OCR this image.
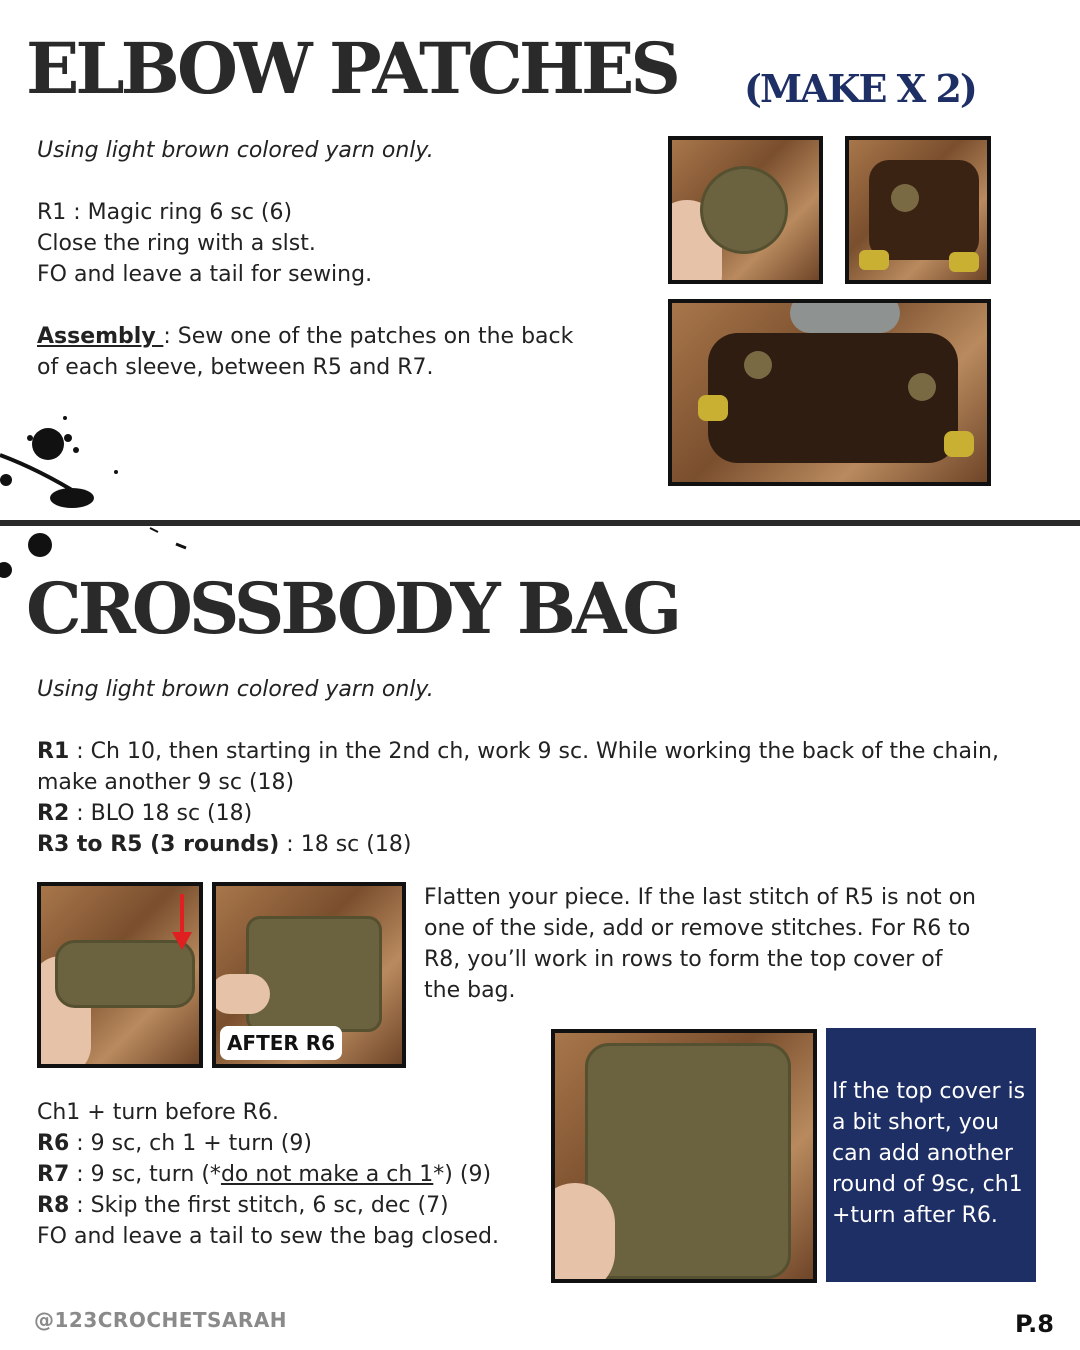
ELBOW PATCHES (MAKE X 2)
Using light brown colored yarn only.
R1 : Magic ring 6 sc (6)
Close the ring with a slst.
FO and leave a tail for sewing.
Assembly : Sew one of the patches on the back
of each sleeve, between R5 and R7.
CROSSBODY BAG
Using light brown colored yarn only.
R1 : Ch 10, then starting in the 2nd ch, work 9 sc. While working the back of the chain,
make another 9 sc (18)
R2 : BLO 18 sc (18)
R3 to R5 (3 rounds) : 18 sc (18)
AFTER R6
Flatten your piece. If the last stitch of R5 is not on
one of the side, add or remove stitches. For R6 to
R8, you’ll work in rows to form the top cover of
the bag.
Ch1 + turn before R6.
R6 : 9 sc, ch 1 + turn (9)
R7 : 9 sc, turn (*do not make a ch 1*) (9)
R8 : Skip the first stitch, 6 sc, dec (7)
FO and leave a tail to sew the bag closed.
If the top cover is
a bit short, you
can add another
round of 9sc, ch1
+turn after R6.
@123CROCHETSARAH	P.8
